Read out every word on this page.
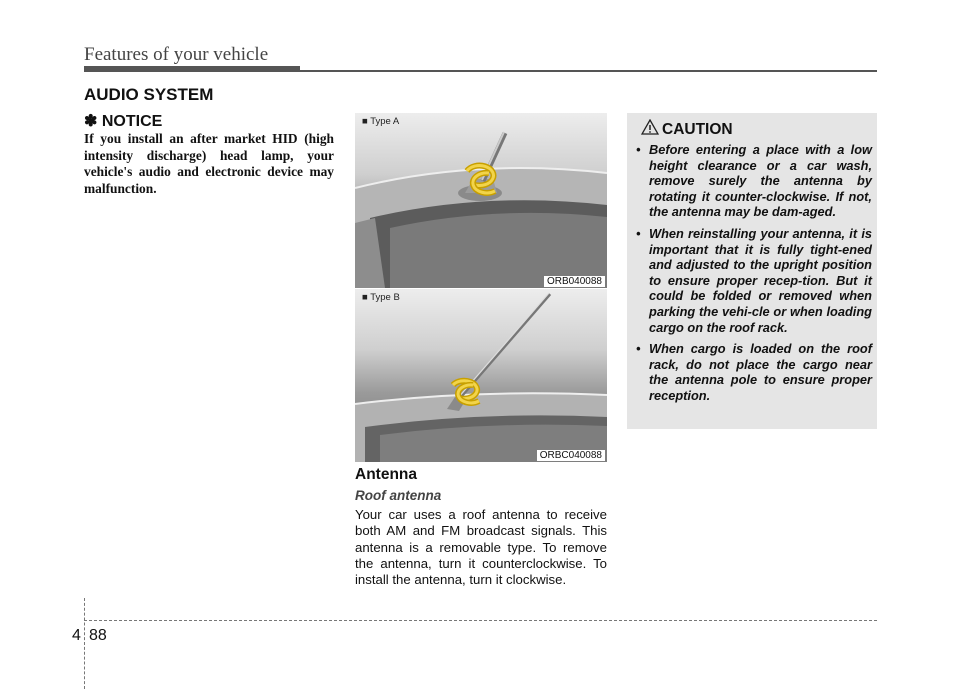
Features of your vehicle
AUDIO SYSTEM
✽ NOTICE
If you install an after market HID (high intensity discharge) head lamp, your vehicle's audio and electronic device may malfunction.
■ Type A
ORB040088
■ Type B
ORBC040088
Antenna
Roof antenna
Your car uses a roof antenna to receive both AM and FM broadcast signals. This antenna is a removable type. To remove the antenna, turn it counterclockwise. To install the antenna, turn it clockwise.
CAUTION
• Before entering a place with a low height clearance or a car wash, remove surely the antenna by rotating it counter-clockwise. If not, the antenna may be dam-aged.
• When reinstalling your antenna, it is important that it is fully tight-ened and adjusted to the upright position to ensure proper recep-tion. But it could be folded or removed when parking the vehi-cle or when loading cargo on the roof rack.
• When cargo is loaded on the roof rack, do not place the cargo near the antenna pole to ensure proper reception.
4 88
